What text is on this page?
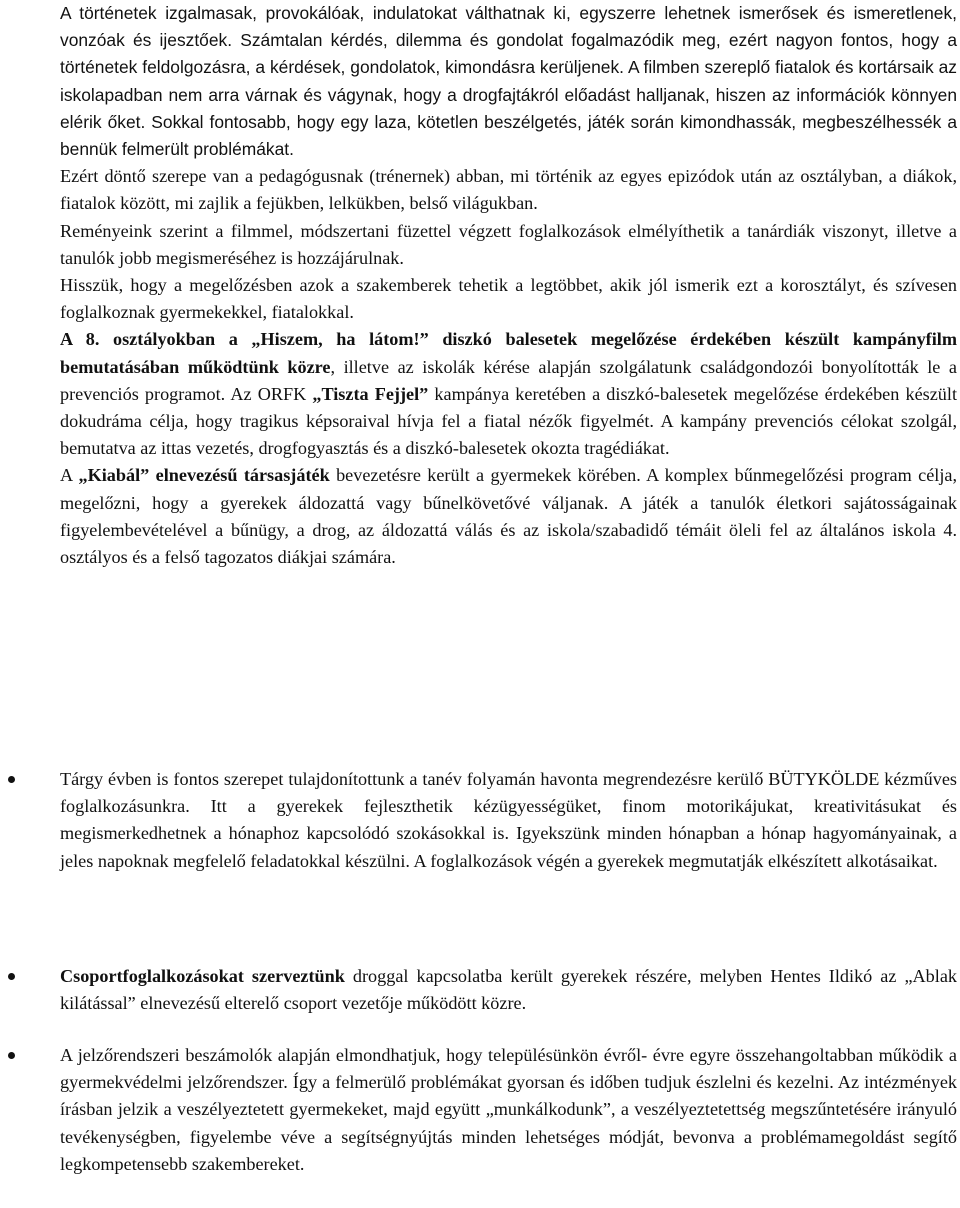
A történetek izgalmasak, provokálóak, indulatokat válthatnak ki, egyszerre lehetnek ismerősek és ismeretlenek, vonzóak és ijesztőek. Számtalan kérdés, dilemma és gondolat fogalmazódik meg, ezért nagyon fontos, hogy a történetek feldolgozásra, a kérdések, gondolatok, kimondásra kerüljenek. A filmben szereplő fiatalok és kortársaik az iskolapadban nem arra várnak és vágynak, hogy a drogfajtákról előadást halljanak, hiszen az információk könnyen elérik őket. Sokkal fontosabb, hogy egy laza, kötetlen beszélgetés, játék során kimondhassák, megbeszélhessék a bennük felmerült problémákat.

Ezért döntő szerepe van a pedagógusnak (trénernek) abban, mi történik az egyes epizódok után az osztályban, a diákok, fiatalok között, mi zajlik a fejükben, lelkükben, belső világukban.

Reményeink szerint a filmmel, módszertani füzettel végzett foglalkozások elmélyíthetik a tanárdiák viszonyt, illetve a tanulók jobb megismeréséhez is hozzájárulnak.

Hisszük, hogy a megelőzésben azok a szakemberek tehetik a legtöbbet, akik jól ismerik ezt a korosztályt, és szívesen foglalkoznak gyermekekkel, fiatalokkal.

A 8. osztályokban a „Hiszem, ha látom!” diszkó balesetek megelőzése érdekében készült kampányfilm bemutatásában működtünk közre, illetve az iskolák kérése alapján szolgálatunk családgondozói bonyolították le a prevenciós programot. Az ORFK „Tiszta Fejjel” kampánya keretében a diszkó-balesetek megelőzése érdekében készült dokudráma célja, hogy tragikus képsoraival hívja fel a fiatal nézők figyelmét. A kampány prevenciós célokat szolgál, bemutatva az ittas vezetés, drogfogyasztás és a diszkó-balesetek okozta tragédiákat.

A „Kiabál” elnevezésű társasjáték bevezetésre került a gyermekek körében. A komplex bűnmegelőzési program célja, megelőzni, hogy a gyerekek áldozattá vagy bűnelkövetővé váljanak. A játék a tanulók életkori sajátosságainak figyelembevételével a bűnügy, a drog, az áldozattá válás és az iskola/szabadidő témáit öleli fel az általános iskola 4. osztályos és a felső tagozatos diákjai számára.

Tárgy évben is fontos szerepet tulajdonítottunk a tanév folyamán havonta megrendezésre kerülő BÜTYKÖLDE kézműves foglalkozásunkra. Itt a gyerekek fejleszthetik kézügyességüket, finom motorikájukat, kreativitásukat és megismerkedhetnek a hónaphoz kapcsolódó szokásokkal is. Igyekszünk minden hónapban a hónap hagyományainak, a jeles napoknak megfelelő feladatokkal készülni. A foglalkozások végén a gyerekek megmutatják elkészített alkotásaikat.

Csoportfoglalkozásokat szerveztünk droggal kapcsolatba került gyerekek részére, melyben Hentes Ildikó az „Ablak kilátással” elnevezésű elterelő csoport vezetője működött közre.

A jelzőrendszeri beszámolók alapján elmondhatjuk, hogy településünkön évről- évre egyre összehangoltabban működik a gyermekvédelmi jelzőrendszer. Így a felmerülő problémákat gyorsan és időben tudjuk észlelni és kezelni. Az intézmények írásban jelzik a veszélyeztetett gyermekeket, majd együtt „munkálkodunk”, a veszélyeztetettség megszűntetésére irányuló tevékenységben, figyelembe véve a segítségnyújtás minden lehetséges módját, bevonva a problémamegoldást segítő legkompetensebb szakembereket.
